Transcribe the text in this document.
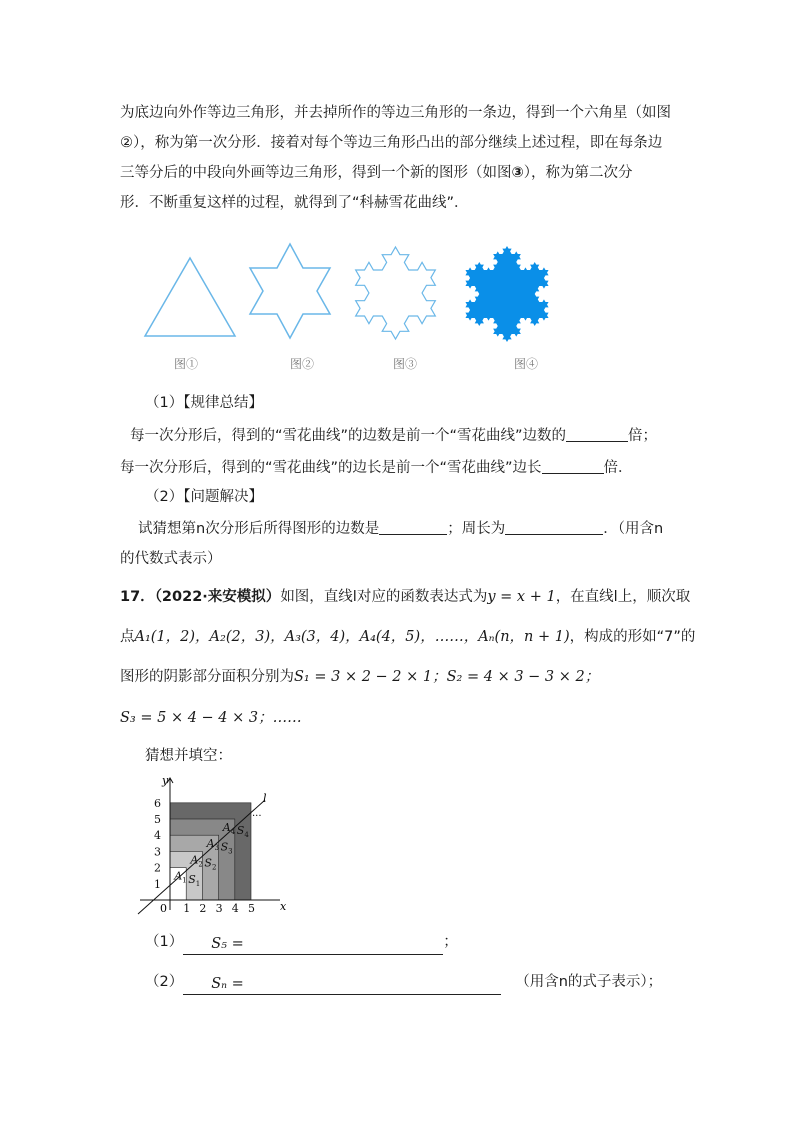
为底边向外作等边三角形，并去掉所作的等边三角形的一条边，得到一个六角星（如图
②），称为第一次分形．接着对每个等边三角形凸出的部分继续上述过程，即在每条边
三等分后的中段向外画等边三角形，得到一个新的图形（如图③），称为第二次分
形．不断重复这样的过程，就得到了“科赫雪花曲线”．
图①	图②	图③	图④
（1）【规律总结】
每一次分形后，得到的“雪花曲线”的边数是前一个“雪花曲线”边数的	倍；
每一次分形后，得到的“雪花曲线”的边长是前一个“雪花曲线”边长	倍．
（2）【问题解决】
试猜想第n次分形后所得图形的边数是	；周长为	．（用含n
的代数式表示）
17．（2022·来安模拟）如图，直线l对应的函数表达式为y = x + 1，在直线l上，顺次取
点A₁(1，2)，A₂(2，3)，A₃(3，4)，A₄(4，5)，……，Aₙ(n，n + 1)，构成的形如“7”的
图形的阴影部分面积分别为S₁ = 3 × 2 − 2 × 1；S₂ = 4 × 3 − 3 × 2；
S₃ = 5 × 4 − 4 × 3；……
猜想并填空：
1
2
3
4
5
6
1 2 3 4 5
$A_1$
$A_2$
$A_3$
$A_4$
$S_1$
$S_2$
$S_3$
$S_4$
y
x
l
0
...
（1） S₅ =	；
（2） Sₙ =	（用含n的式子表示）；
